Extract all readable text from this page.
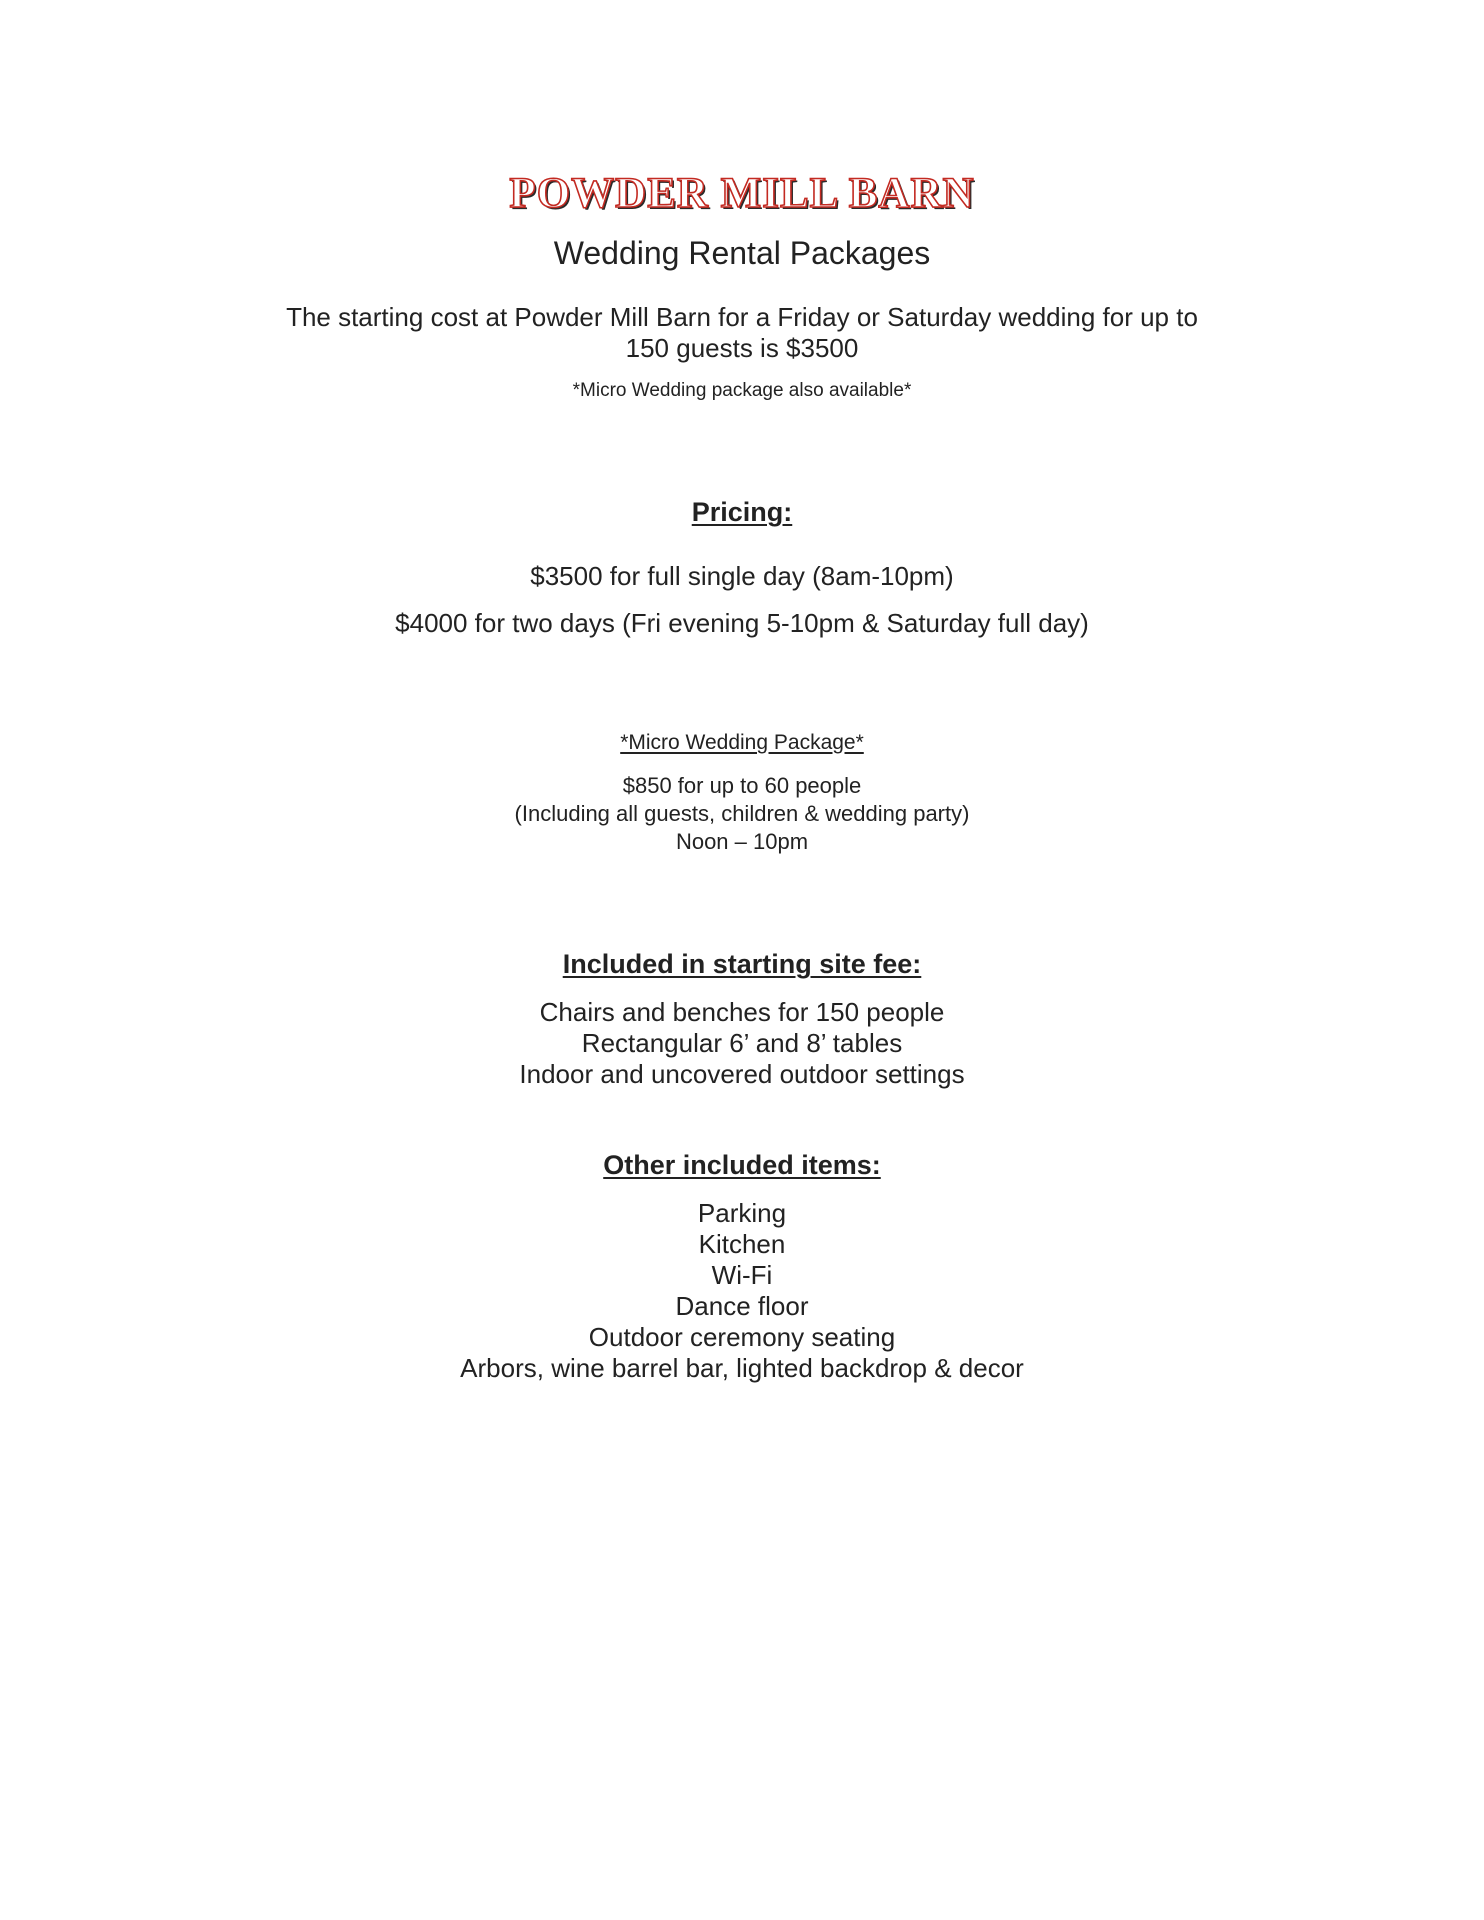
POWDER MILL BARN
Wedding Rental Packages
The starting cost at Powder Mill Barn for a Friday or Saturday wedding for up to
150 guests is $3500
*Micro Wedding package also available*
Pricing:
$3500 for full single day (8am-10pm)
$4000 for two days (Fri evening 5-10pm & Saturday full day)
*Micro Wedding Package*
$850 for up to 60 people
(Including all guests, children & wedding party)
Noon – 10pm
Included in starting site fee:
Chairs and benches for 150 people
Rectangular 6’ and 8’ tables
Indoor and uncovered outdoor settings
Other included items:
Parking
Kitchen
Wi-Fi
Dance floor
Outdoor ceremony seating
Arbors, wine barrel bar, lighted backdrop & decor
